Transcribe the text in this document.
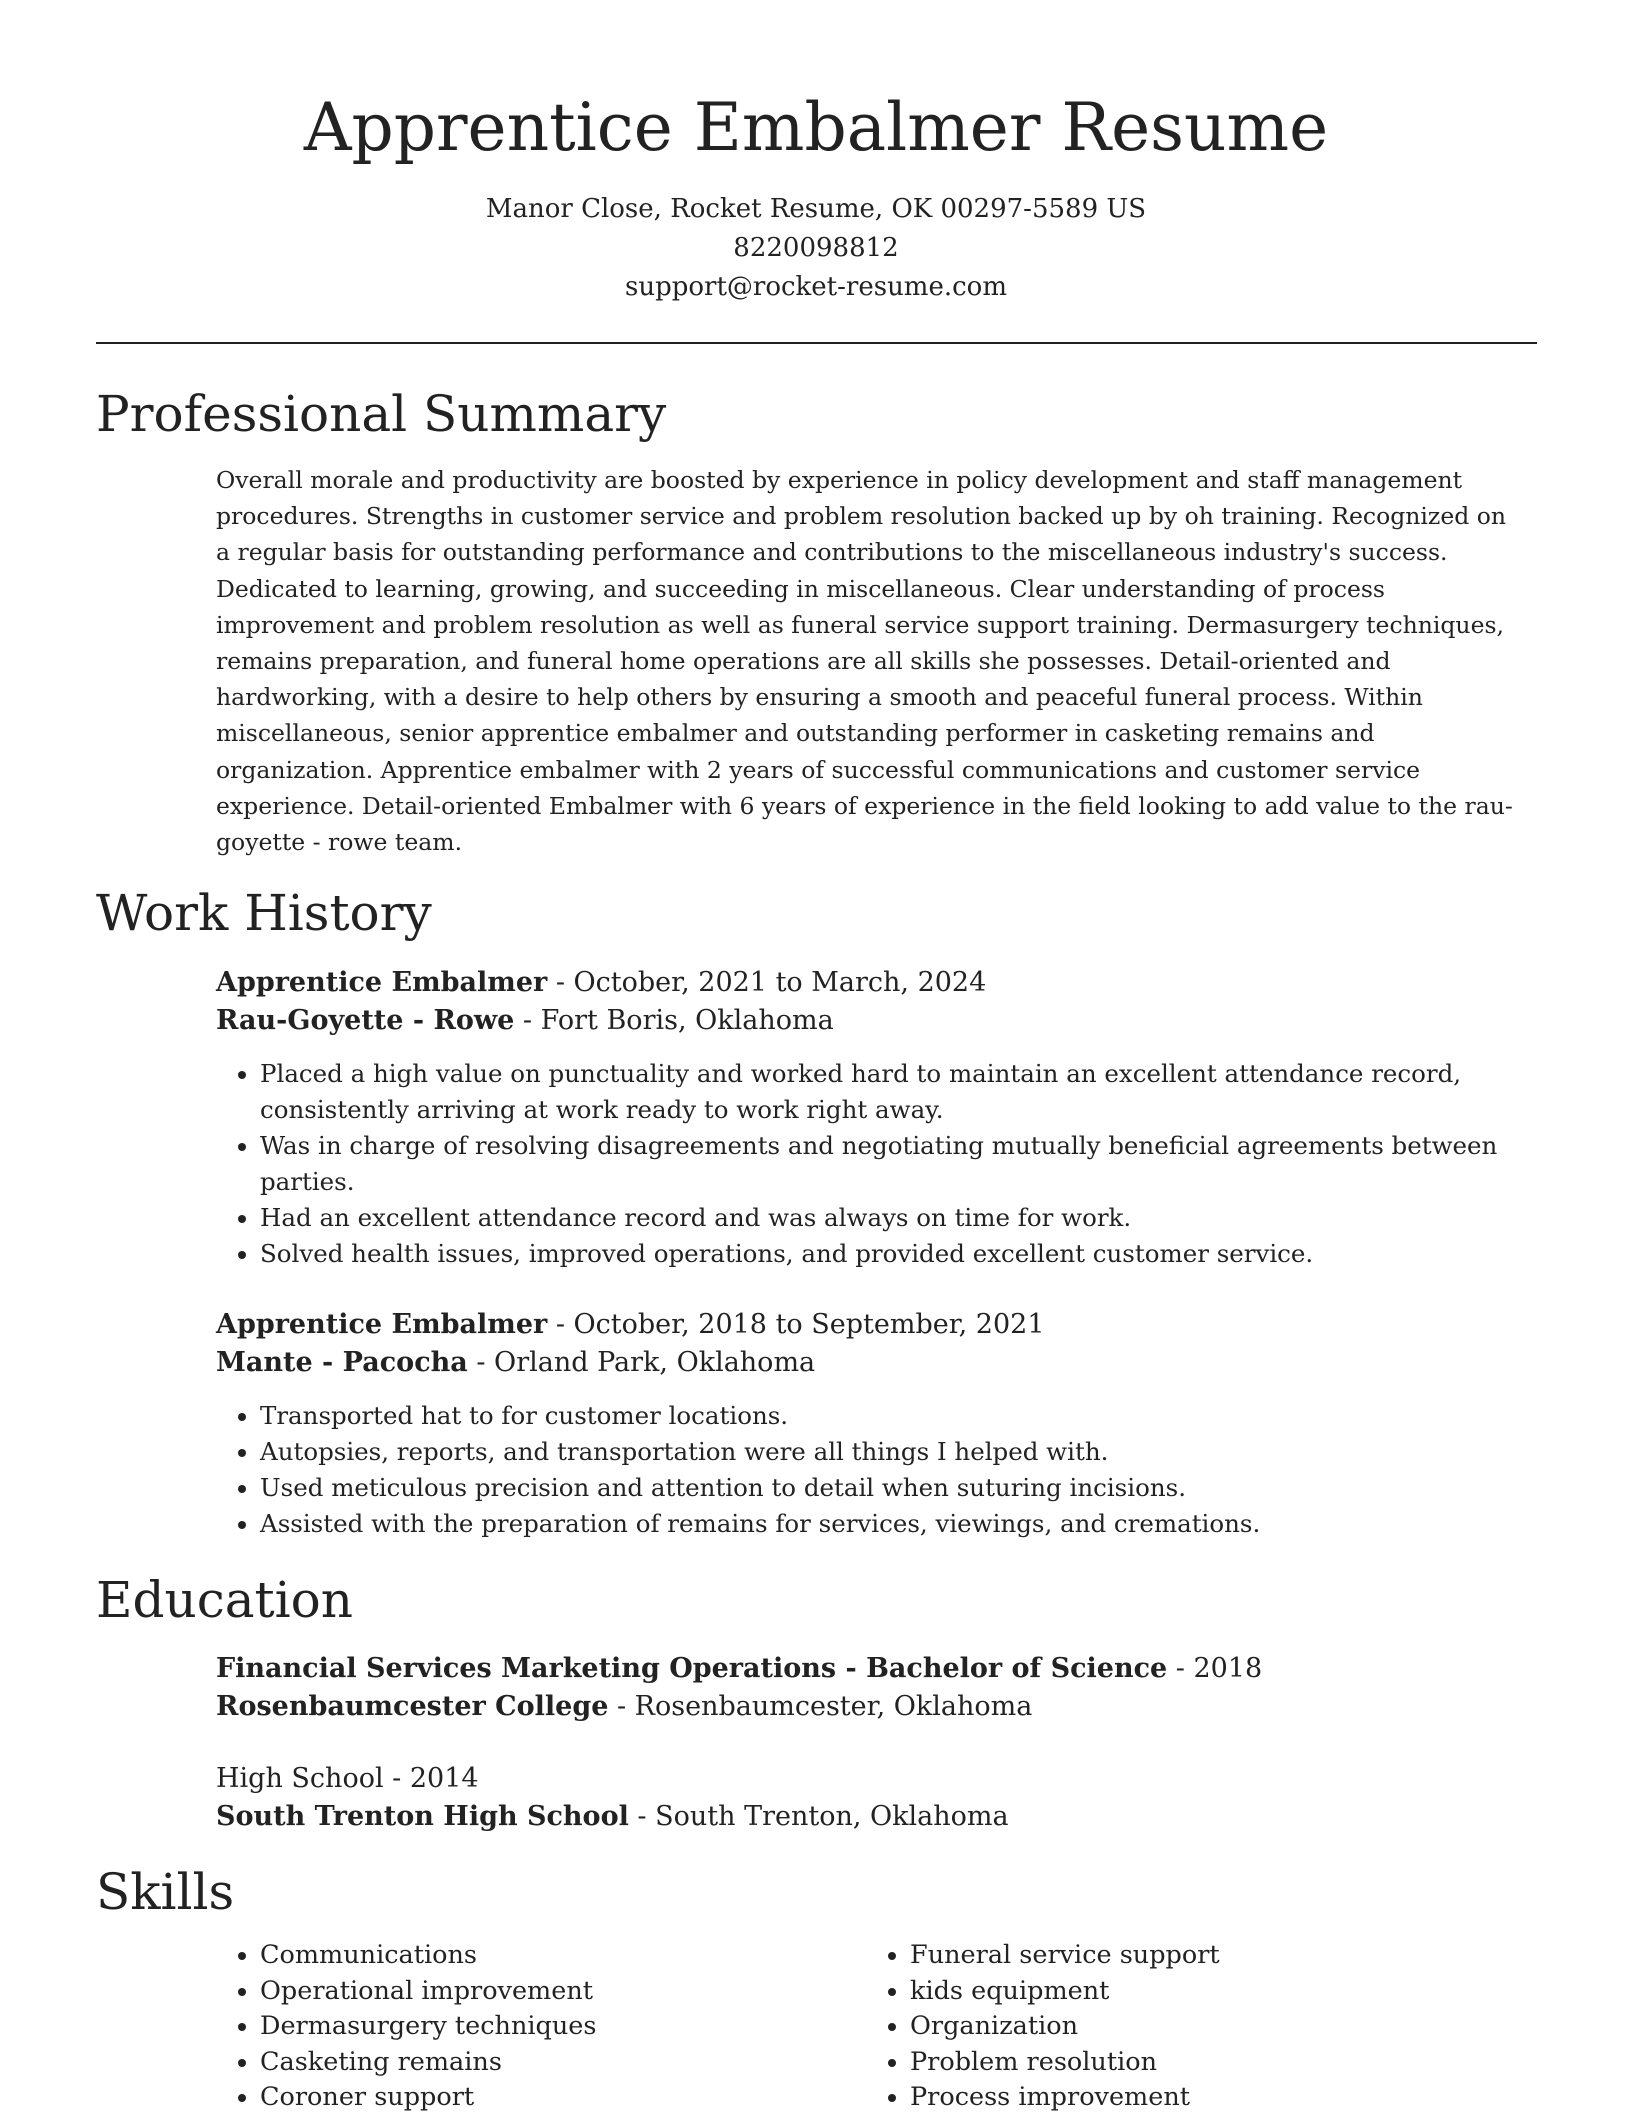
Apprentice Embalmer Resume

Manor Close, Rocket Resume, OK 00297-5589 US

8220098812

support@rocket-resume.com

Professional Summary

Overall morale and productivity are boosted by experience in policy development and staff management procedures. Strengths in customer service and problem resolution backed up by oh training. Recognized on a regular basis for outstanding performance and contributions to the miscellaneous industry's success. Dedicated to learning, growing, and succeeding in miscellaneous. Clear understanding of process improvement and problem resolution as well as funeral service support training. Dermasurgery techniques, remains preparation, and funeral home operations are all skills she possesses. Detail-oriented and hardworking, with a desire to help others by ensuring a smooth and peaceful funeral process. Within miscellaneous, senior apprentice embalmer and outstanding performer in casketing remains and organization. Apprentice embalmer with 2 years of successful communications and customer service experience. Detail-oriented Embalmer with 6 years of experience in the field looking to add value to the rau-goyette - rowe team.

Work History

Apprentice Embalmer - October, 2021 to March, 2024

Rau-Goyette - Rowe - Fort Boris, Oklahoma

• Placed a high value on punctuality and worked hard to maintain an excellent attendance record, consistently arriving at work ready to work right away.
• Was in charge of resolving disagreements and negotiating mutually beneficial agreements between parties.
• Had an excellent attendance record and was always on time for work.
• Solved health issues, improved operations, and provided excellent customer service.

Apprentice Embalmer - October, 2018 to September, 2021

Mante - Pacocha - Orland Park, Oklahoma

• Transported hat to for customer locations.
• Autopsies, reports, and transportation were all things I helped with.
• Used meticulous precision and attention to detail when suturing incisions.
• Assisted with the preparation of remains for services, viewings, and cremations.
Education

Financial Services Marketing Operations - Bachelor of Science - 2018

Rosenbaumcester College - Rosenbaumcester, Oklahoma

High School - 2014

South Trenton High School - South Trenton, Oklahoma

Skills
• Communications
• Operational improvement
• Dermasurgery techniques
• Casketing remains
• Coroner support
• Funeral service support
• kids equipment
• Organization
• Problem resolution
• Process improvement
